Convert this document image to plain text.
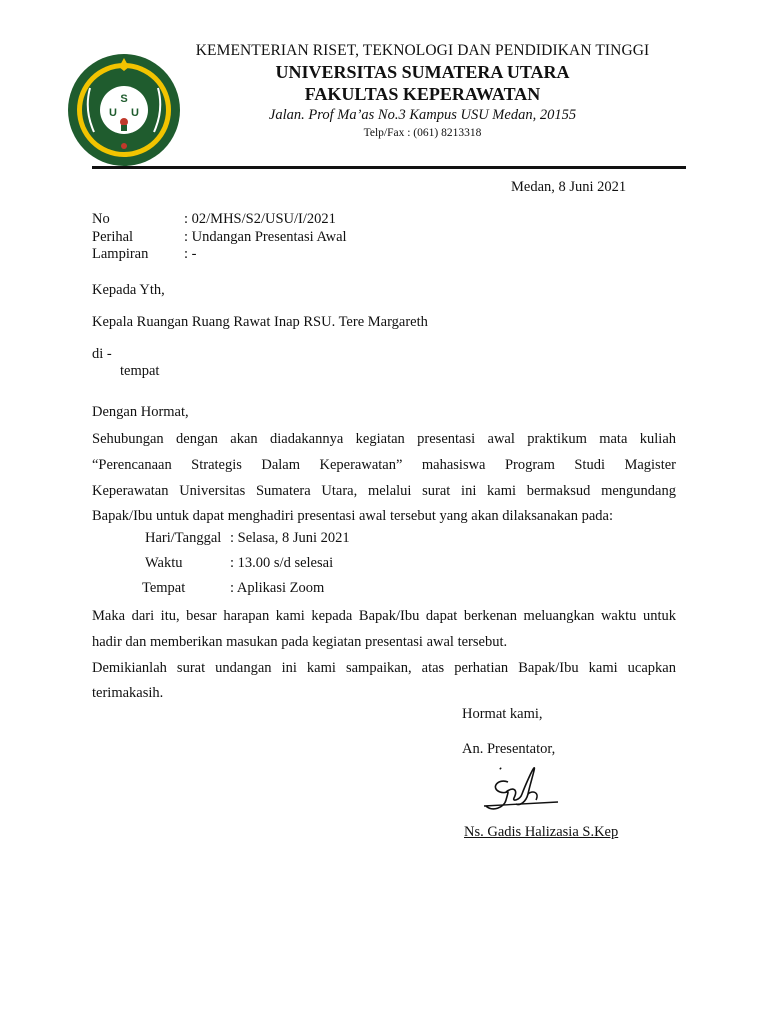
S
U U
KEMENTERIAN RISET, TEKNOLOGI DAN PENDIDIKAN TINGGI
UNIVERSITAS SUMATERA UTARA
FAKULTAS KEPERAWATAN
Jalan. Prof Ma’as No.3 Kampus USU Medan, 20155
Telp/Fax : (061) 8213318
Medan, 8 Juni 2021
No	: 02/MHS/S2/USU/I/2021
Perihal	: Undangan Presentasi Awal
Lampiran : -
Kepada Yth,
Kepala Ruangan Ruang Rawat Inap RSU. Tere Margareth
di -
tempat
Dengan Hormat,
Sehubungan dengan akan diadakannya kegiatan presentasi awal praktikum mata kuliah
“Perencanaan Strategis Dalam Keperawatan” mahasiswa Program Studi Magister
Keperawatan Universitas Sumatera Utara, melalui surat ini kami bermaksud mengundang
Bapak/Ibu untuk dapat menghadiri presentasi awal tersebut yang akan dilaksanakan pada:
Hari/Tanggal : Selasa, 8 Juni 2021
Waktu	: 13.00 s/d selesai
Tempat	: Aplikasi Zoom
Maka dari itu, besar harapan kami kepada Bapak/Ibu dapat berkenan meluangkan waktu untuk
hadir dan memberikan masukan pada kegiatan presentasi awal tersebut.
Demikianlah surat undangan ini kami sampaikan, atas perhatian Bapak/Ibu kami ucapkan
terimakasih.
Hormat kami,
An. Presentator,
Ns. Gadis Halizasia S.Kep
